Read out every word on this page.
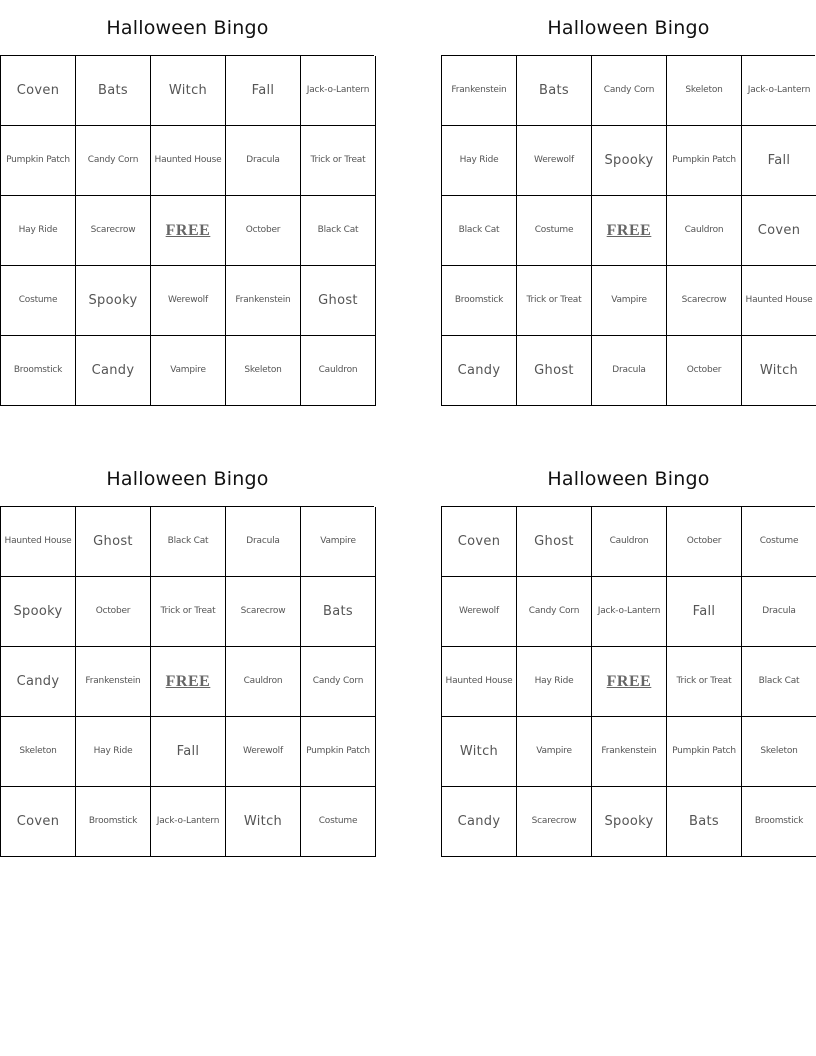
Halloween Bingo
Coven	Bats	Witch	Fall	Jack-o-Lantern
Pumpkin Patch	Candy Corn	Haunted House	Dracula	Trick or Treat
Hay Ride	Scarecrow	FREE	October	Black Cat
Costume	Spooky	Werewolf	Frankenstein	Ghost
Broomstick	Candy	Vampire	Skeleton	Cauldron
Halloween Bingo
Frankenstein	Bats	Candy Corn	Skeleton	Jack-o-Lantern
Hay Ride	Werewolf	Spooky	Pumpkin Patch	Fall
Black Cat	Costume	FREE	Cauldron	Coven
Broomstick	Trick or Treat	Vampire	Scarecrow	Haunted House
Candy	Ghost	Dracula	October	Witch
Halloween Bingo
Haunted House	Ghost	Black Cat	Dracula	Vampire
Spooky	October	Trick or Treat	Scarecrow	Bats
Candy	Frankenstein	FREE	Cauldron	Candy Corn
Skeleton	Hay Ride	Fall	Werewolf	Pumpkin Patch
Coven	Broomstick	Jack-o-Lantern	Witch	Costume
Halloween Bingo
Coven	Ghost	Cauldron	October	Costume
Werewolf	Candy Corn	Jack-o-Lantern	Fall	Dracula
Haunted House	Hay Ride	FREE	Trick or Treat	Black Cat
Witch	Vampire	Frankenstein	Pumpkin Patch	Skeleton
Candy	Scarecrow	Spooky	Bats	Broomstick
